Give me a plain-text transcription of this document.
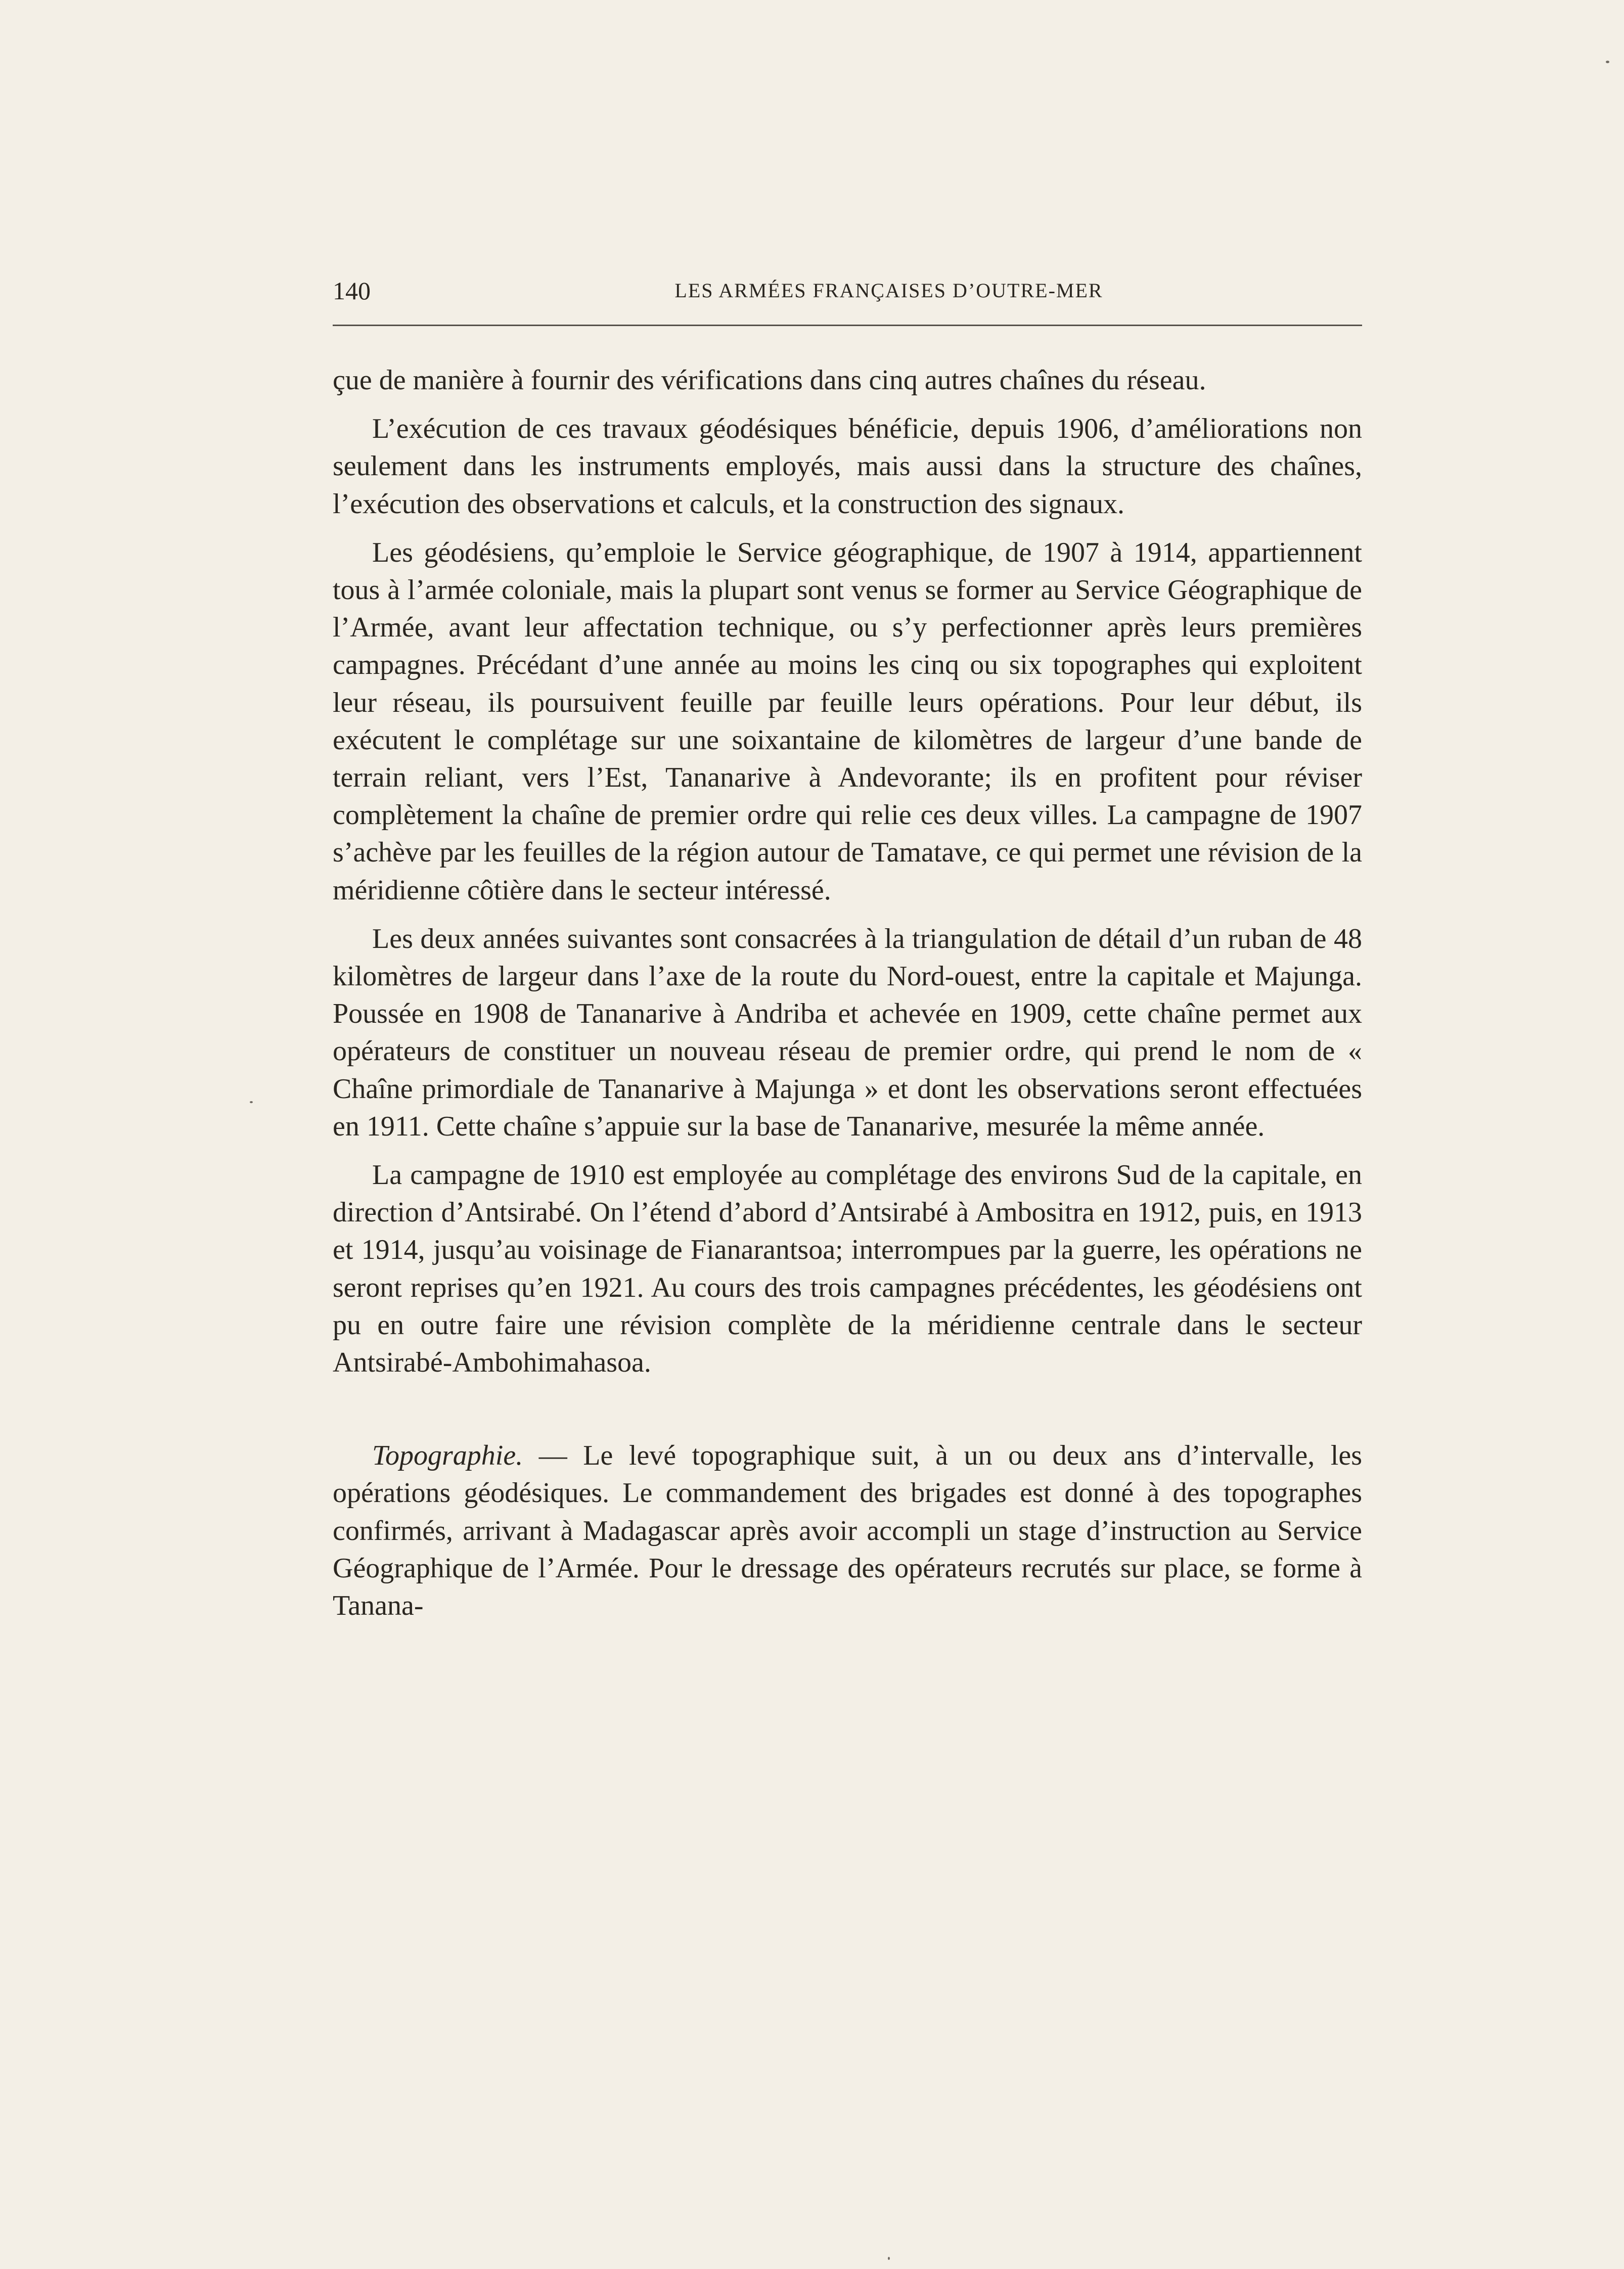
140	LES ARMÉES FRANÇAISES D’OUTRE-MER

çue de manière à fournir des vérifications dans cinq autres chaînes du réseau.

L’exécution de ces travaux géodésiques bénéficie, depuis 1906, d’améliorations non seulement dans les instruments employés, mais aussi dans la structure des chaînes, l’exécution des observations et calculs, et la construction des signaux.

Les géodésiens, qu’emploie le Service géographique, de 1907 à 1914, appartiennent tous à l’armée coloniale, mais la plupart sont venus se former au Service Géographique de l’Armée, avant leur affectation technique, ou s’y perfectionner après leurs premières campagnes. Précédant d’une année au moins les cinq ou six topographes qui exploitent leur réseau, ils poursuivent feuille par feuille leurs opérations. Pour leur début, ils exécutent le complétage sur une soixantaine de kilomètres de largeur d’une bande de terrain reliant, vers l’Est, Tananarive à Andevorante; ils en profitent pour réviser complètement la chaîne de premier ordre qui relie ces deux villes. La campagne de 1907 s’achève par les feuilles de la région autour de Tamatave, ce qui permet une révision de la méridienne côtière dans le secteur intéressé.

Les deux années suivantes sont consacrées à la triangulation de détail d’un ruban de 48 kilomètres de largeur dans l’axe de la route du Nord-ouest, entre la capitale et Majunga. Poussée en 1908 de Tananarive à Andriba et achevée en 1909, cette chaîne permet aux opérateurs de constituer un nouveau réseau de premier ordre, qui prend le nom de « Chaîne primordiale de Tananarive à Majunga » et dont les observations seront effectuées en 1911. Cette chaîne s’appuie sur la base de Tananarive, mesurée la même année.

La campagne de 1910 est employée au complétage des environs Sud de la capitale, en direction d’Antsirabé. On l’étend d’abord d’Antsirabé à Ambositra en 1912, puis, en 1913 et 1914, jusqu’au voisinage de Fianarantsoa; interrompues par la guerre, les opérations ne seront reprises qu’en 1921. Au cours des trois campagnes précédentes, les géodésiens ont pu en outre faire une révision complète de la méridienne centrale dans le secteur Antsirabé-Ambohimahasoa.

Topographie. — Le levé topographique suit, à un ou deux ans d’intervalle, les opérations géodésiques. Le commandement des brigades est donné à des topographes confirmés, arrivant à Madagascar après avoir accompli un stage d’instruction au Service Géographique de l’Armée. Pour le dressage des opérateurs recrutés sur place, se forme à Tanana-
